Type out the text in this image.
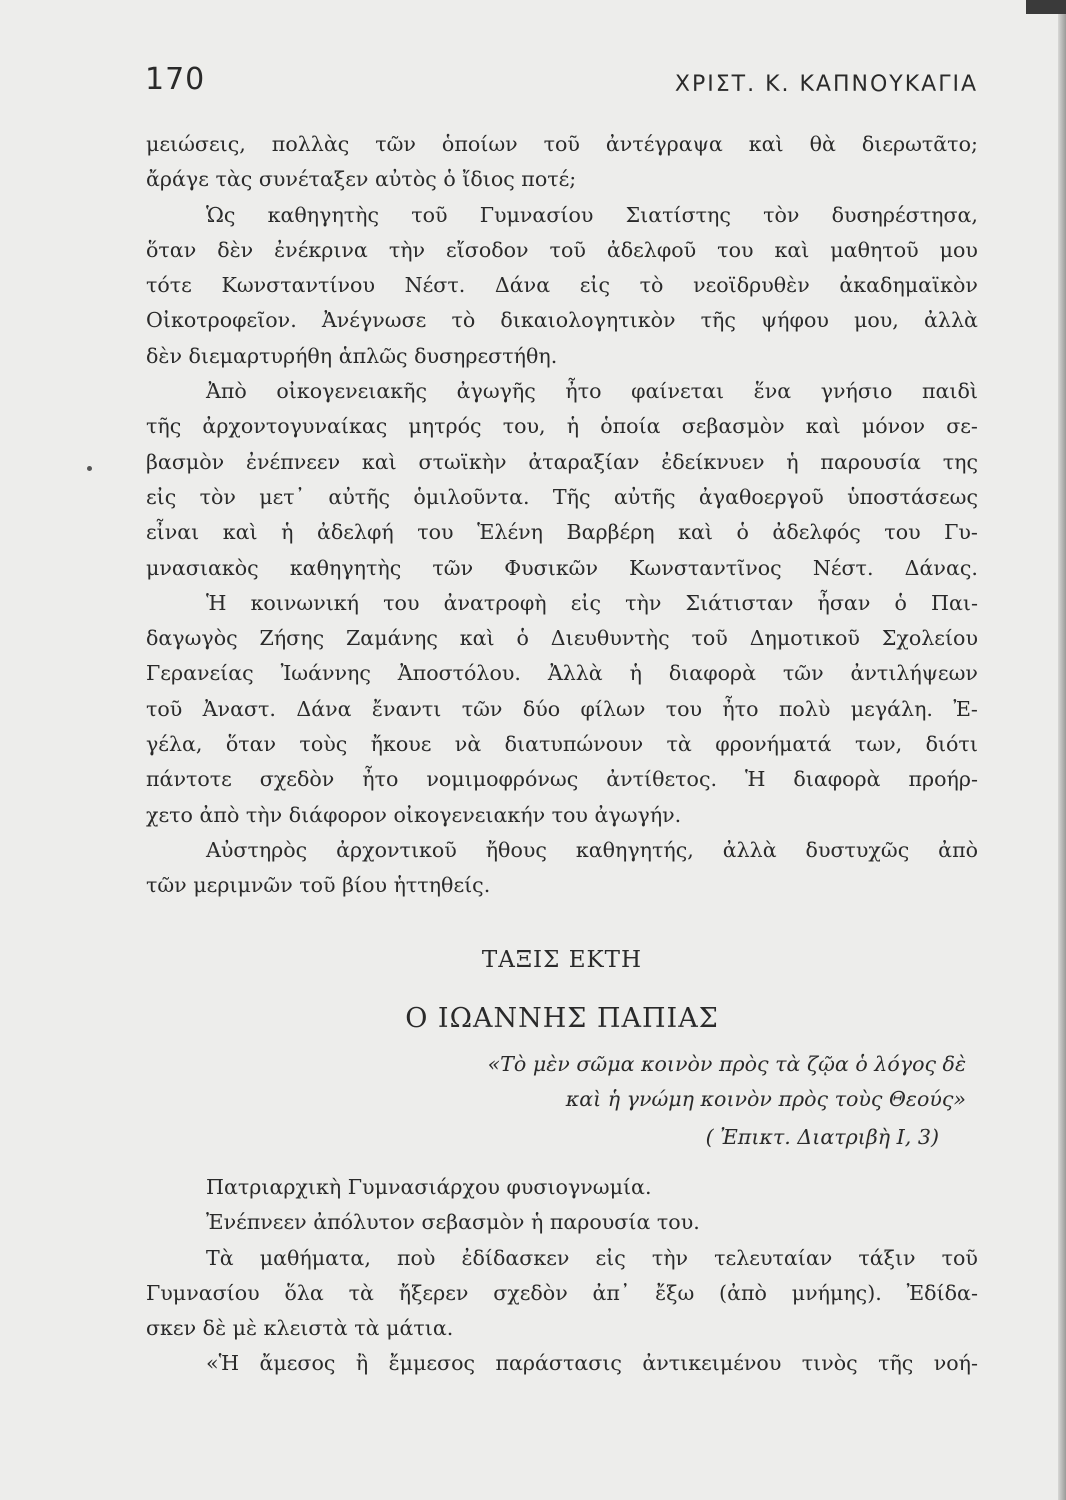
170	ΧΡΙΣΤ. Κ. ΚΑΠΝΟΥΚΑΓΙΑ
μειώσεις, πολλὰς τῶν ὁποίων τοῦ ἀντέγραψα καὶ θὰ διερωτᾶτο;
ἄράγε τὰς συνέταξεν αὐτὸς ὁ ἴδιος ποτέ;
Ὡς καθηγητὴς τοῦ Γυμνασίου Σιατίστης τὸν δυσηρέστησα,
ὅταν δὲν ἐνέκρινα τὴν εἴσοδον τοῦ ἀδελφοῦ του καὶ μαθητοῦ μου
τότε Κωνσταντίνου Νέστ. Δάνα εἰς τὸ νεοϊδρυθὲν ἀκαδημαϊκὸν
Οἰκοτροφεῖον. Ἀνέγνωσε τὸ δικαιολογητικὸν τῆς ψήφου μου, ἀλλὰ
δὲν διεμαρτυρήθη ἁπλῶς δυσηρεστήθη.
Ἀπὸ οἰκογενειακῆς ἀγωγῆς ἦτο φαίνεται ἕνα γνήσιο παιδὶ
τῆς ἀρχοντογυναίκας μητρός του, ἡ ὁποία σεβασμὸν καὶ μόνον σε-
βασμὸν ἐνέπνεεν καὶ στωϊκὴν ἀταραξίαν ἐδείκνυεν ἡ παρουσία της
εἰς τὸν μετ᾿ αὐτῆς ὁμιλοῦντα. Τῆς αὐτῆς ἀγαθοεργοῦ ὑποστάσεως
εἶναι καὶ ἡ ἀδελφή του Ἑλένη Βαρβέρη καὶ ὁ ἀδελφός του Γυ-
μνασιακὸς καθηγητὴς τῶν Φυσικῶν Κωνσταντῖνος Νέστ. Δάνας.
Ἡ κοινωνική του ἀνατροφὴ εἰς τὴν Σιάτισταν ἦσαν ὁ Παι-
δαγωγὸς Ζήσης Ζαμάνης καὶ ὁ Διευθυντὴς τοῦ Δημοτικοῦ Σχολείου
Γερανείας Ἰωάννης Ἀποστόλου. Ἀλλὰ ἡ διαφορὰ τῶν ἀντιλήψεων
τοῦ Ἀναστ. Δάνα ἔναντι τῶν δύο φίλων του ἦτο πολὺ μεγάλη. Ἐ-
γέλα, ὅταν τοὺς ἤκουε νὰ διατυπώνουν τὰ φρονήματά των, διότι
πάντοτε σχεδὸν ἦτο νομιμοφρόνως ἀντίθετος. Ἡ διαφορὰ προήρ-
χετο ἀπὸ τὴν διάφορον οἰκογενειακήν του ἀγωγήν.
Αὐστηρὸς ἀρχοντικοῦ ἤθους καθηγητής, ἀλλὰ δυστυχῶς ἀπὸ
τῶν μεριμνῶν τοῦ βίου ἡττηθείς.
ΤΑΞΙΣ ΕΚΤΗ
Ο ΙΩΑΝΝΗΣ ΠΑΠΙΑΣ
«Τὸ μὲν σῶμα κοινὸν πρὸς τὰ ζῷα ὁ λόγος δὲ
καὶ ἡ γνώμη κοινὸν πρὸς τοὺς Θεούς»
( Ἐπικτ. Διατριβὴ Ι, 3)
Πατριαρχικὴ Γυμνασιάρχου φυσιογνωμία.
Ἐνέπνεεν ἀπόλυτον σεβασμὸν ἡ παρουσία του.
Τὰ μαθήματα, ποὺ ἐδίδασκεν εἰς τὴν τελευταίαν τάξιν τοῦ
Γυμνασίου ὅλα τὰ ἤξερεν σχεδὸν ἀπ᾿ ἔξω (ἀπὸ μνήμης). Ἐδίδα-
σκεν δὲ μὲ κλειστὰ τὰ μάτια.
«Ἡ ἄμεσος ἢ ἔμμεσος παράστασις ἀντικειμένου τινὸς τῆς νοή-
